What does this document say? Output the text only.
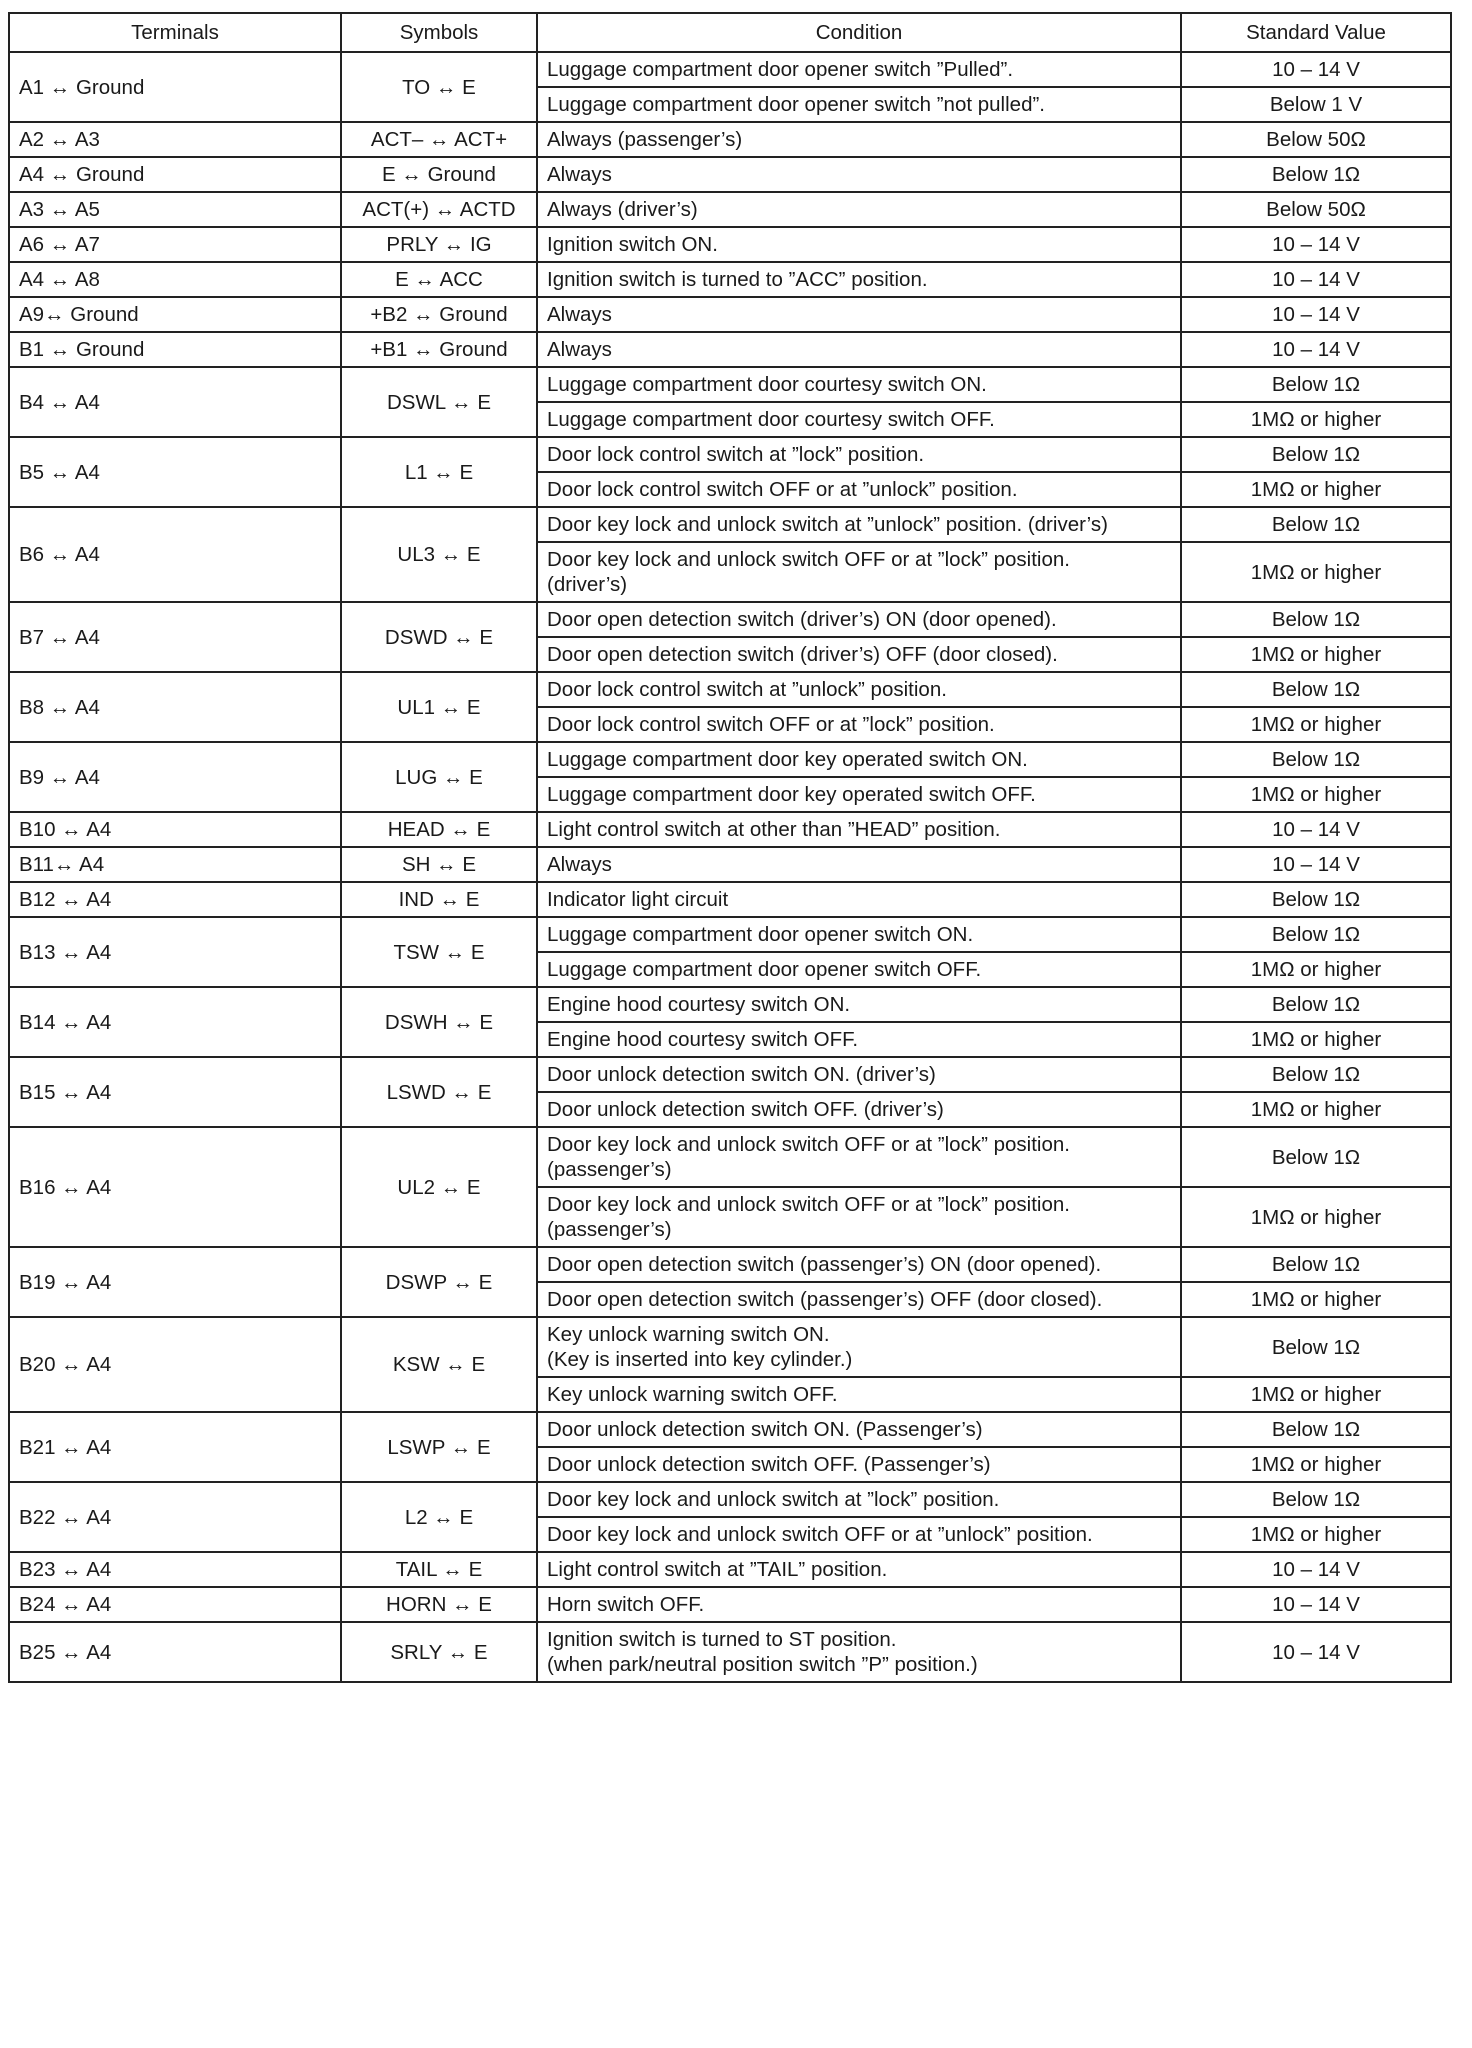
Terminals	Symbols	Condition	Standard Value
A1 ↔ Ground	TO ↔ E	Luggage compartment door opener switch ”Pulled”.	10 – 14 V
		Luggage compartment door opener switch ”not pulled”.	Below 1 V
A2 ↔ A3	ACT– ↔ ACT+	Always (passenger’s)	Below 50Ω
A4 ↔ Ground	E ↔ Ground	Always	Below 1Ω
A3 ↔ A5	ACT(+) ↔ ACTD	Always (driver’s)	Below 50Ω
A6 ↔ A7	PRLY ↔ IG	Ignition switch ON.	10 – 14 V
A4 ↔ A8	E ↔ ACC	Ignition switch is turned to ”ACC” position.	10 – 14 V
A9↔ Ground	+B2 ↔ Ground	Always	10 – 14 V
B1 ↔ Ground	+B1 ↔ Ground	Always	10 – 14 V
B4 ↔ A4	DSWL ↔ E	Luggage compartment door courtesy switch ON.	Below 1Ω
		Luggage compartment door courtesy switch OFF.	1MΩ or higher
B5 ↔ A4	L1 ↔ E	Door lock control switch at ”lock” position.	Below 1Ω
		Door lock control switch OFF or at ”unlock” position.	1MΩ or higher
B6 ↔ A4	UL3 ↔ E	Door key lock and unlock switch at ”unlock” position. (driver’s)	Below 1Ω
		Door key lock and unlock switch OFF or at ”lock” position.
(driver’s)	1MΩ or higher
B7 ↔ A4	DSWD ↔ E	Door open detection switch (driver’s) ON (door opened).	Below 1Ω
		Door open detection switch (driver’s) OFF (door closed).	1MΩ or higher
B8 ↔ A4	UL1 ↔ E	Door lock control switch at ”unlock” position.	Below 1Ω
		Door lock control switch OFF or at ”lock” position.	1MΩ or higher
B9 ↔ A4	LUG ↔ E	Luggage compartment door key operated switch ON.	Below 1Ω
		Luggage compartment door key operated switch OFF.	1MΩ or higher
B10 ↔ A4	HEAD ↔ E	Light control switch at other than ”HEAD” position.	10 – 14 V
B11↔ A4	SH ↔ E	Always	10 – 14 V
B12 ↔ A4	IND ↔ E	Indicator light circuit	Below 1Ω
B13 ↔ A4	TSW ↔ E	Luggage compartment door opener switch ON.	Below 1Ω
		Luggage compartment door opener switch OFF.	1MΩ or higher
B14 ↔ A4	DSWH ↔ E	Engine hood courtesy switch ON.	Below 1Ω
		Engine hood courtesy switch OFF.	1MΩ or higher
B15 ↔ A4	LSWD ↔ E	Door unlock detection switch ON. (driver’s)	Below 1Ω
		Door unlock detection switch OFF. (driver’s)	1MΩ or higher
B16 ↔ A4	UL2 ↔ E	Door key lock and unlock switch OFF or at ”lock” position.
(passenger’s)	Below 1Ω
		Door key lock and unlock switch OFF or at ”lock” position.
(passenger’s)	1MΩ or higher
B19 ↔ A4	DSWP ↔ E	Door open detection switch (passenger’s) ON (door opened).	Below 1Ω
		Door open detection switch (passenger’s) OFF (door closed).	1MΩ or higher
B20 ↔ A4	KSW ↔ E	Key unlock warning switch ON.
(Key is inserted into key cylinder.)	Below 1Ω
		Key unlock warning switch OFF.	1MΩ or higher
B21 ↔ A4	LSWP ↔ E	Door unlock detection switch ON. (Passenger’s)	Below 1Ω
		Door unlock detection switch OFF. (Passenger’s)	1MΩ or higher
B22 ↔ A4	L2 ↔ E	Door key lock and unlock switch at ”lock” position.	Below 1Ω
		Door key lock and unlock switch OFF or at ”unlock” position.	1MΩ or higher
B23 ↔ A4	TAIL ↔ E	Light control switch at ”TAIL” position.	10 – 14 V
B24 ↔ A4	HORN ↔ E	Horn switch OFF.	10 – 14 V
B25 ↔ A4	SRLY ↔ E	Ignition switch is turned to ST position.
(when park/neutral position switch ”P” position.)	10 – 14 V
